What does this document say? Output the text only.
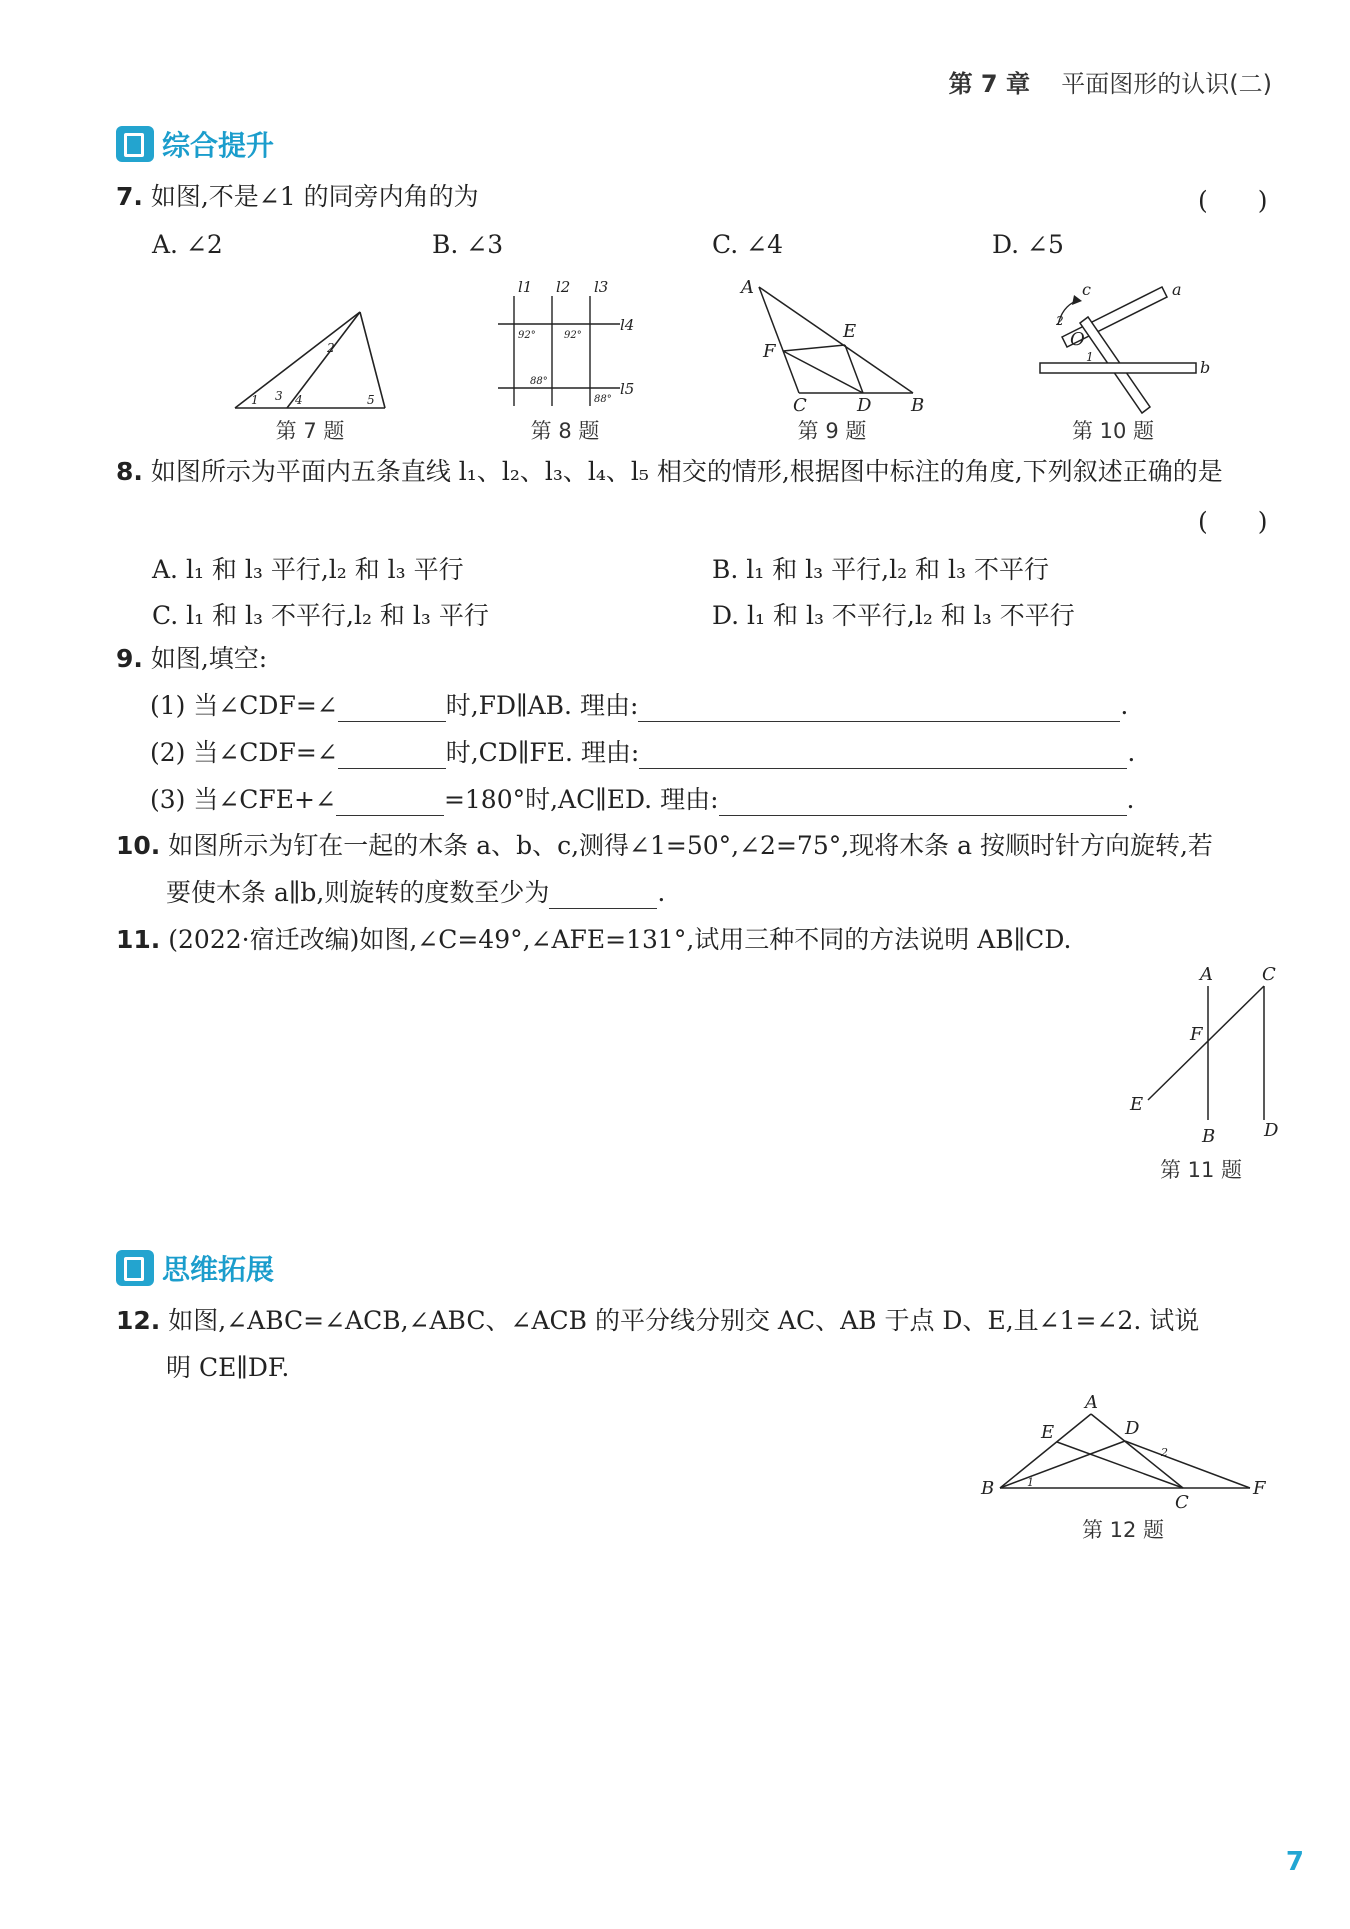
第 7 章 平面图形的认识(二)
综合提升
7. 如图,不是∠1 的同旁内角的为	(　　)
A. ∠2	B. ∠3	C. ∠4	D. ∠5
1
2
3 4	5
第 7 题
l1 l2 l3
l4
l5
92°	92°
88°
88°
第 8 题
A
E
F
C	D B
第 9 题
c	a
2
O
1
b
第 10 题
8. 如图所示为平面内五条直线 l₁、l₂、l₃、l₄、l₅ 相交的情形,根据图中标注的角度,下列叙述正确的是
(　　)
A. l₁ 和 l₃ 平行,l₂ 和 l₃ 平行	B. l₁ 和 l₃ 平行,l₂ 和 l₃ 不平行
C. l₁ 和 l₃ 不平行,l₂ 和 l₃ 平行	D. l₁ 和 l₃ 不平行,l₂ 和 l₃ 不平行
9. 如图,填空:
(1) 当∠CDF=∠	时,FD∥AB. 理由:	.
(2) 当∠CDF=∠	时,CD∥FE. 理由:	.
(3) 当∠CFE+∠	=180°时,AC∥ED. 理由:	.
10. 如图所示为钉在一起的木条 a、b、c,测得∠1=50°,∠2=75°,现将木条 a 按顺时针方向旋转,若
要使木条 a∥b,则旋转的度数至少为	.
11. (2022·宿迁改编)如图,∠C=49°,∠AFE=131°,试用三种不同的方法说明 AB∥CD.
A	C
F
E
B	D
第 11 题
思维拓展
12. 如图,∠ABC=∠ACB,∠ABC、∠ACB 的平分线分别交 AC、AB 于点 D、E,且∠1=∠2. 试说
明 CE∥DF.
A
E	D
2
B	1
C
F
第 12 题
7
